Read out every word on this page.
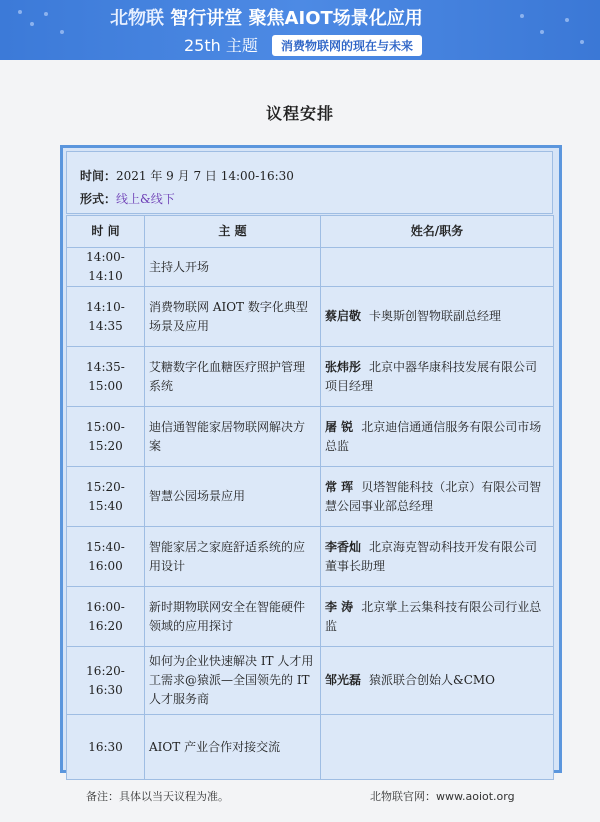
北物联 智行讲堂 聚焦AIOT场景化应用
25th 主题	消费物联网的现在与未来
议程安排
时间：2021 年 9 月 7 日 14:00-16:30
形式：线上&线下
时 间	主 题	姓名/职务
14:00-14:10	主持人开场	
14:10-14:35	消费物联网 AIOT 数字化典型场景及应用	蔡启敬 卡奥斯创智物联副总经理
14:35-15:00	艾糖数字化血糖医疗照护管理系统	张炜彤 北京中器华康科技发展有限公司项目经理
15:00-15:20	迪信通智能家居物联网解决方案	屠 锐 北京迪信通通信服务有限公司市场总监
15:20-15:40	智慧公园场景应用	常 珲 贝塔智能科技（北京）有限公司智慧公园事业部总经理
15:40-16:00	智能家居之家庭舒适系统的应用设计	李香灿 北京海克智动科技开发有限公司董事长助理
16:00-16:20	新时期物联网安全在智能硬件领域的应用探讨	李 涛 北京掌上云集科技有限公司行业总监
16:20-16:30	如何为企业快速解决 IT 人才用工需求@猿派—全国领先的 IT 人才服务商	邹光磊 猿派联合创始人&CMO
16:30	AIOT 产业合作对接交流	
备注：具体以当天议程为准。	北物联官网：www.aoiot.org
